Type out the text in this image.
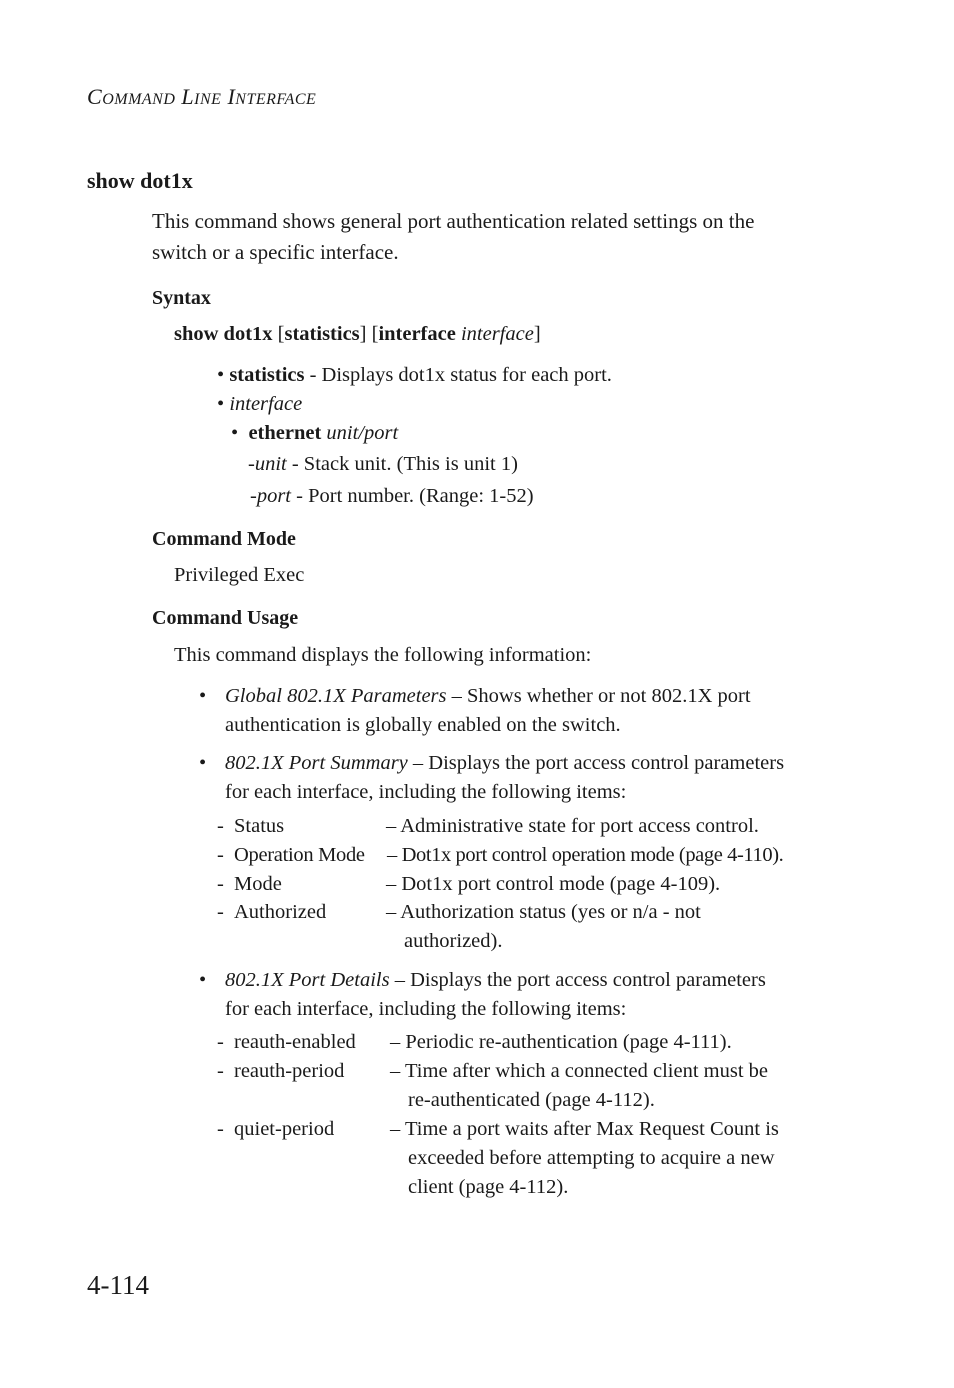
COMMAND LINE INTERFACE
show dot1x
This command shows general port authentication related settings on the
switch or a specific interface.
Syntax
show dot1x [statistics] [interface interface]
• statistics - Displays dot1x status for each port.
• interface
• ethernet unit/port
-unit - Stack unit. (This is unit 1)
-port - Port number. (Range: 1-52)
Command Mode
Privileged Exec
Command Usage
This command displays the following information:
• Global 802.1X Parameters – Shows whether or not 802.1X port
authentication is globally enabled on the switch.
• 802.1X Port Summary – Displays the port access control parameters
for each interface, including the following items:
- Status	– Administrative state for port access control.
- Operation Mode – Dot1x port control operation mode (page 4-110).
- Mode	– Dot1x port control mode (page 4-109).
- Authorized	– Authorization status (yes or n/a - not
authorized).
• 802.1X Port Details – Displays the port access control parameters
for each interface, including the following items:
- reauth-enabled – Periodic re-authentication (page 4-111).
- reauth-period – Time after which a connected client must be
re-authenticated (page 4-112).
- quiet-period	– Time a port waits after Max Request Count is
exceeded before attempting to acquire a new
client (page 4-112).
4-114
